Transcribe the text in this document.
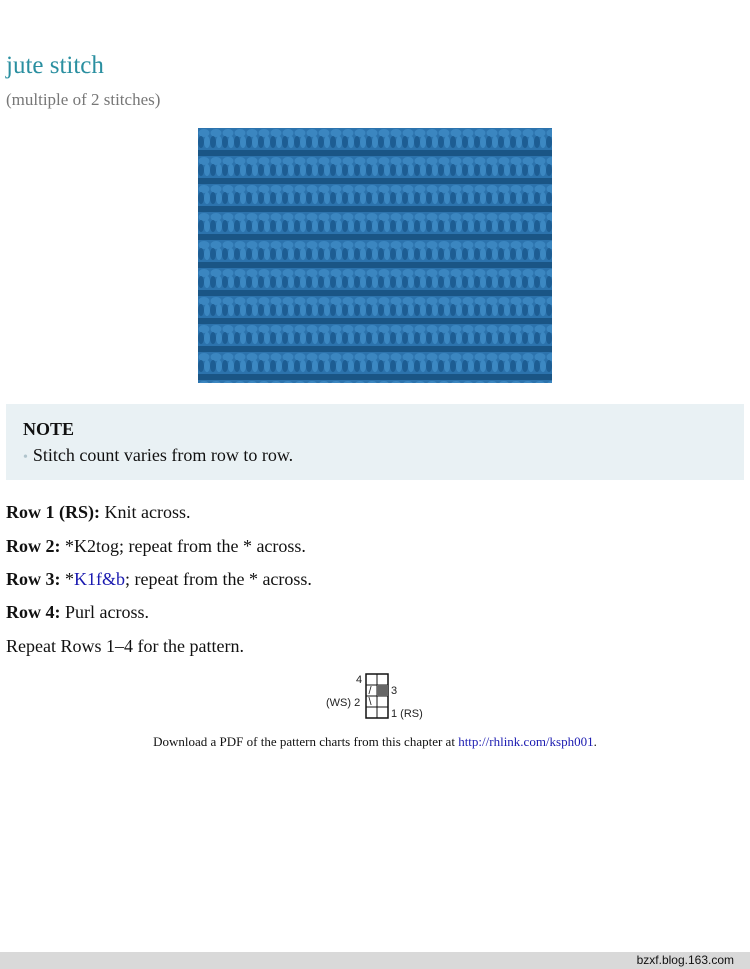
jute stitch
(multiple of 2 stitches)
NOTE
• Stitch count varies from row to row.
Row 1 (RS): Knit across.
Row 2: *K2tog; repeat from the * across.
Row 3: *K1f&b; repeat from the * across.
Row 4: Purl across.
Repeat Rows 1–4 for the pattern.
/
\
4
3
(WS) 2
1 (RS)
Download a PDF of the pattern charts from this chapter at http://rhlink.com/ksph001.
bzxf.blog.163.com
